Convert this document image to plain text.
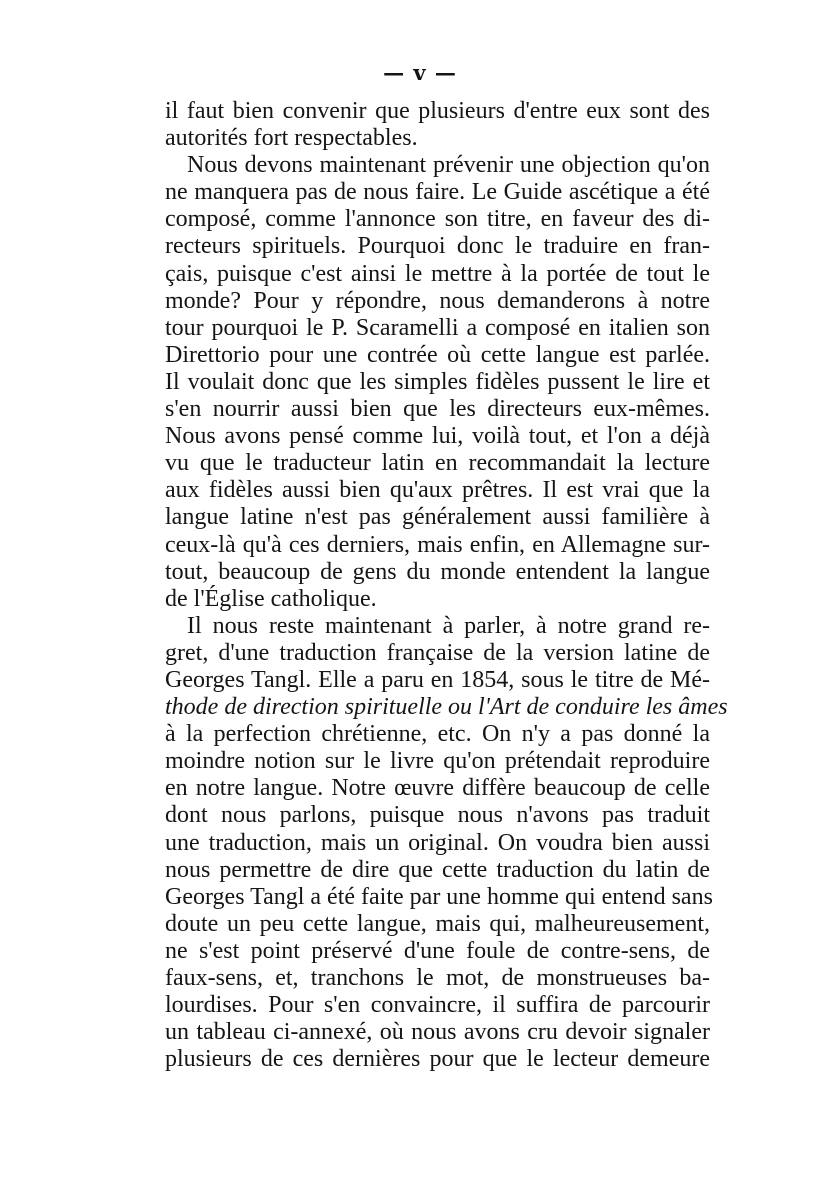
— v —
il faut bien convenir que plusieurs d'entre eux sont des
autorités fort respectables.
Nous devons maintenant prévenir une objection qu'on
ne manquera pas de nous faire. Le Guide ascétique a été
composé, comme l'annonce son titre, en faveur des di-
recteurs spirituels. Pourquoi donc le traduire en fran-
çais, puisque c'est ainsi le mettre à la portée de tout le
monde? Pour y répondre, nous demanderons à notre
tour pourquoi le P. Scaramelli a composé en italien son
Direttorio pour une contrée où cette langue est parlée.
Il voulait donc que les simples fidèles pussent le lire et
s'en nourrir aussi bien que les directeurs eux-mêmes.
Nous avons pensé comme lui, voilà tout, et l'on a déjà
vu que le traducteur latin en recommandait la lecture
aux fidèles aussi bien qu'aux prêtres. Il est vrai que la
langue latine n'est pas généralement aussi familière à
ceux-là qu'à ces derniers, mais enfin, en Allemagne sur-
tout, beaucoup de gens du monde entendent la langue
de l'Église catholique.
Il nous reste maintenant à parler, à notre grand re-
gret, d'une traduction française de la version latine de
Georges Tangl. Elle a paru en 1854, sous le titre de Mé-
thode de direction spirituelle ou l'Art de conduire les âmes
à la perfection chrétienne, etc. On n'y a pas donné la
moindre notion sur le livre qu'on prétendait reproduire
en notre langue. Notre œuvre diffère beaucoup de celle
dont nous parlons, puisque nous n'avons pas traduit
une traduction, mais un original. On voudra bien aussi
nous permettre de dire que cette traduction du latin de
Georges Tangl a été faite par une homme qui entend sans
doute un peu cette langue, mais qui, malheureusement,
ne s'est point préservé d'une foule de contre-sens, de
faux-sens, et, tranchons le mot, de monstrueuses ba-
lourdises. Pour s'en convaincre, il suffira de parcourir
un tableau ci-annexé, où nous avons cru devoir signaler
plusieurs de ces dernières pour que le lecteur demeure
